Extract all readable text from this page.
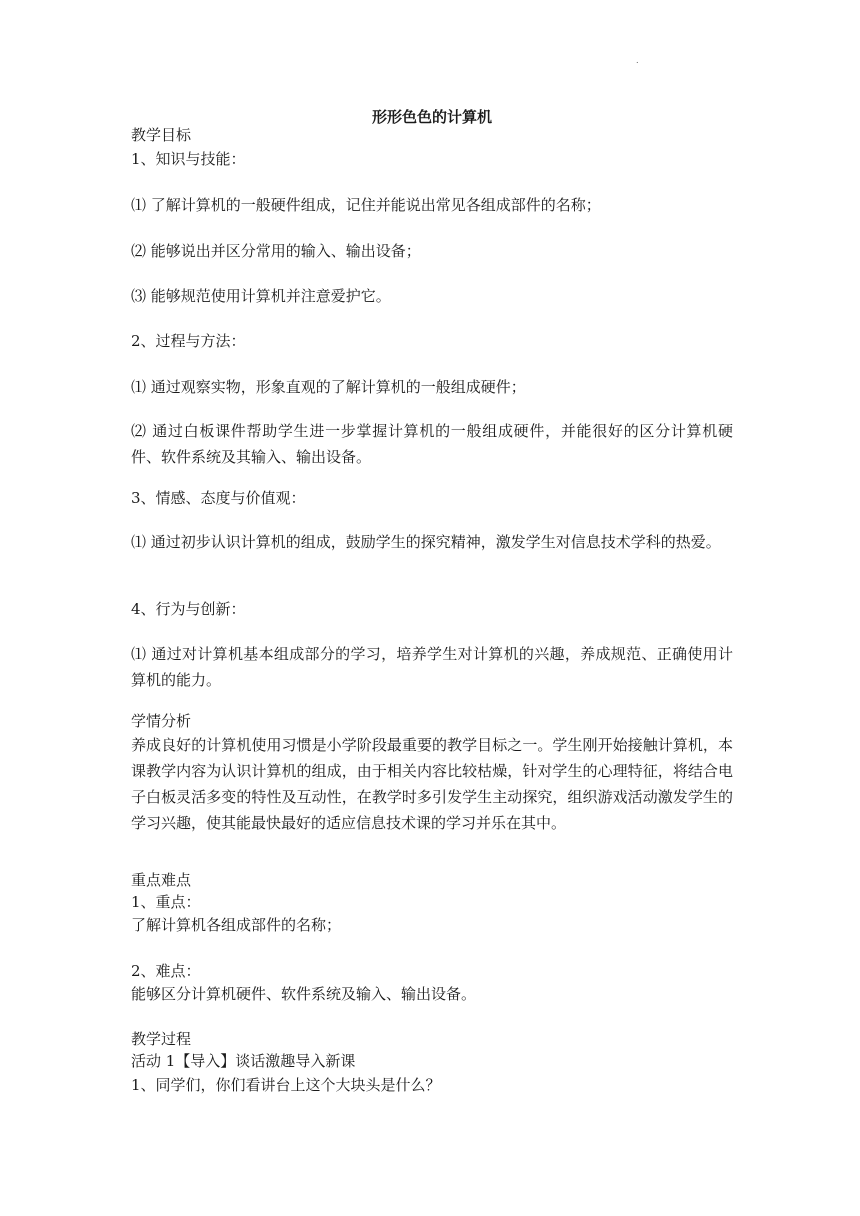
.
形形色色的计算机
教学目标
1、知识与技能：
⑴ 了解计算机的一般硬件组成，记住并能说出常见各组成部件的名称；
⑵ 能够说出并区分常用的输入、输出设备；
⑶ 能够规范使用计算机并注意爱护它。
2、过程与方法：
⑴ 通过观察实物，形象直观的了解计算机的一般组成硬件；
⑵ 通过白板课件帮助学生进一步掌握计算机的一般组成硬件，并能很好的区分计算机硬件、软件系统及其输入、输出设备。
3、情感、态度与价值观：
⑴ 通过初步认识计算机的组成，鼓励学生的探究精神，激发学生对信息技术学科的热爱。
4、行为与创新：
⑴ 通过对计算机基本组成部分的学习，培养学生对计算机的兴趣，养成规范、正确使用计算机的能力。
学情分析
养成良好的计算机使用习惯是小学阶段最重要的教学目标之一。学生刚开始接触计算机，本课教学内容为认识计算机的组成，由于相关内容比较枯燥，针对学生的心理特征，将结合电子白板灵活多变的特性及互动性，在教学时多引发学生主动探究，组织游戏活动激发学生的学习兴趣，使其能最快最好的适应信息技术课的学习并乐在其中。
重点难点
1、重点：
了解计算机各组成部件的名称；
2、难点：
能够区分计算机硬件、软件系统及输入、输出设备。
教学过程
活动 1【导入】谈话激趣导入新课
1、同学们，你们看讲台上这个大块头是什么？
